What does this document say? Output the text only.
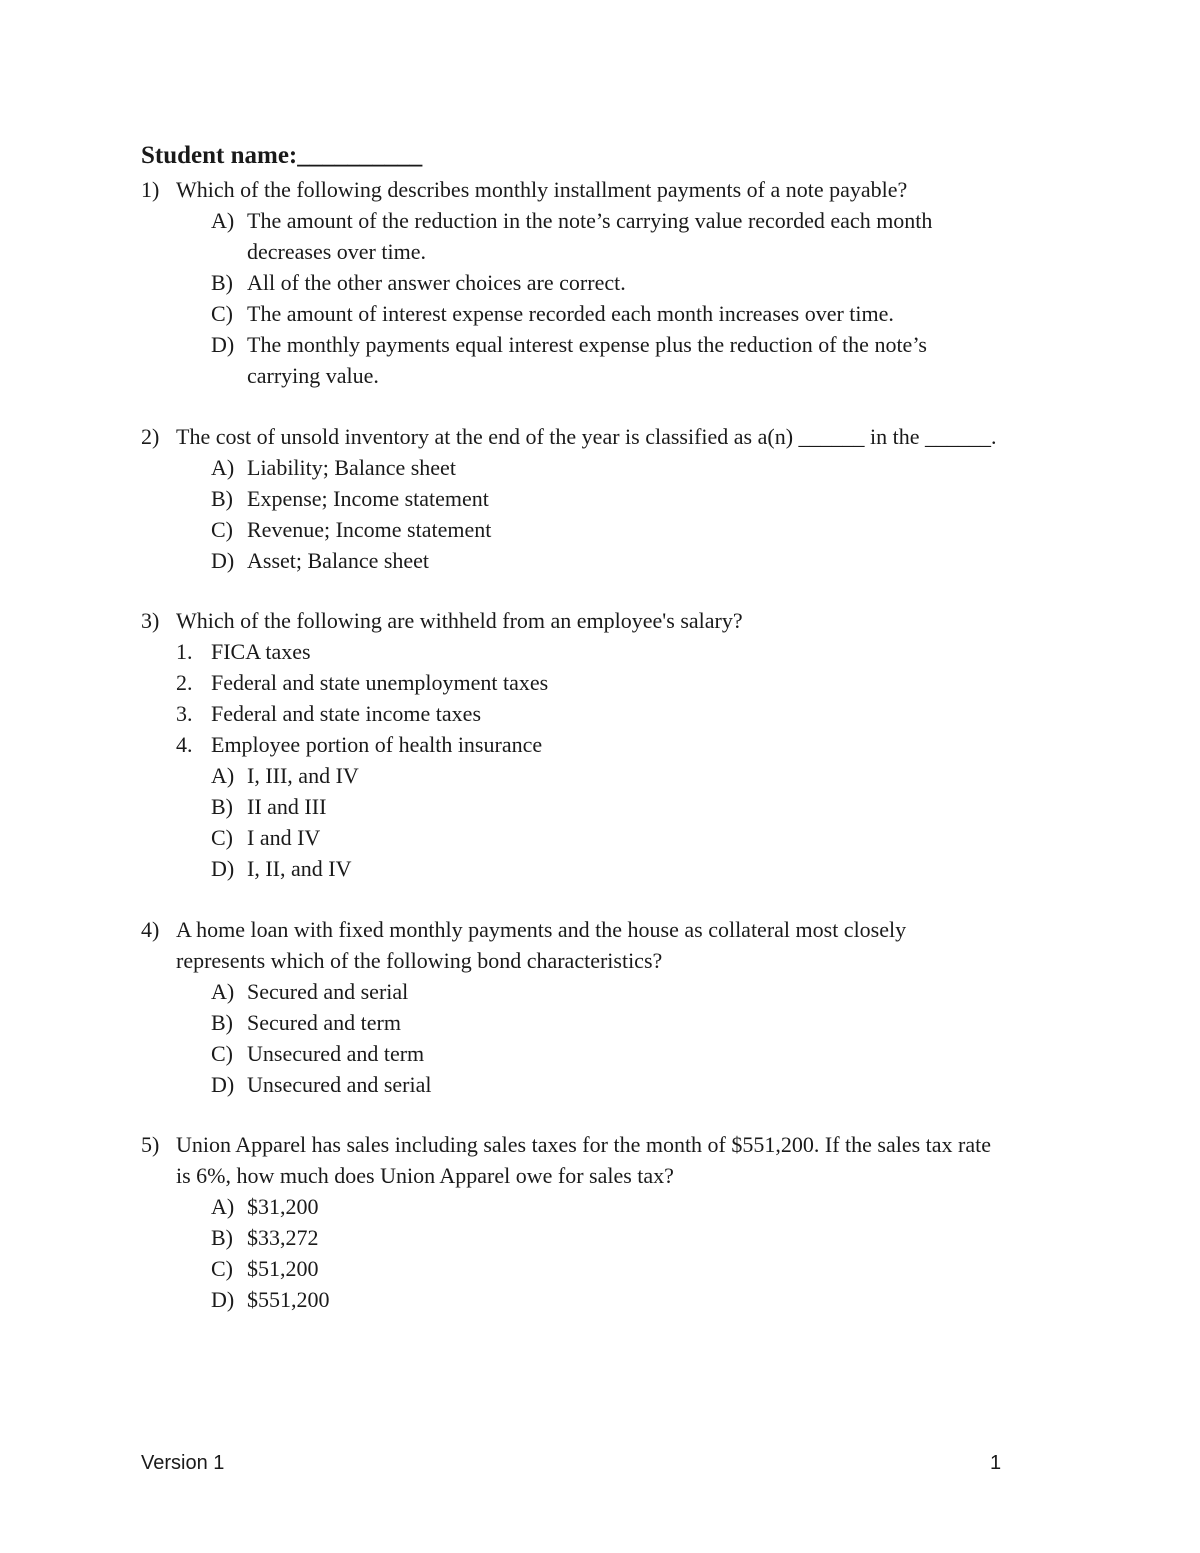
Student name:__________
1) Which of the following describes monthly installment payments of a note payable?
A) The amount of the reduction in the note’s carrying value recorded each month
decreases over time.
B) All of the other answer choices are correct.
C) The amount of interest expense recorded each month increases over time.
D) The monthly payments equal interest expense plus the reduction of the note’s
carrying value.
2) The cost of unsold inventory at the end of the year is classified as a(n) ______ in the ______.
A) Liability; Balance sheet
B) Expense; Income statement
C) Revenue; Income statement
D) Asset; Balance sheet
3) Which of the following are withheld from an employee's salary?
1. FICA taxes
2. Federal and state unemployment taxes
3. Federal and state income taxes
4. Employee portion of health insurance
A) I, III, and IV
B) II and III
C) I and IV
D) I, II, and IV
4) A home loan with fixed monthly payments and the house as collateral most closely
represents which of the following bond characteristics?
A) Secured and serial
B) Secured and term
C) Unsecured and term
D) Unsecured and serial
5) Union Apparel has sales including sales taxes for the month of $551,200. If the sales tax rate
is 6%, how much does Union Apparel owe for sales tax?
A) $31,200
B) $33,272
C) $51,200
D) $551,200
Version 1	1
